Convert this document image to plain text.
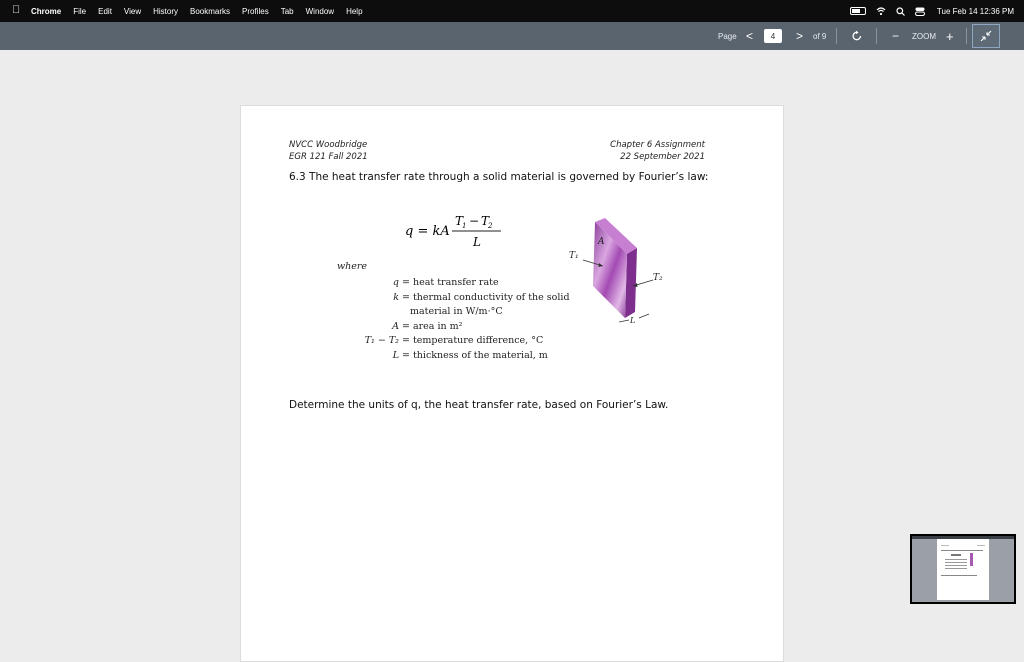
Chrome File Edit View History Bookmarks Profiles Tab Window Help	Tue Feb 14 12:36 PM
Page <	4	> of 9	− ZOOM +
NVCC Woodbridge
EGR 121 Fall 2021
Chapter 6 Assignment
22 September 2021
6.3 The heat transfer rate through a solid material is governed by Fourier’s law:
q = kA
T
1 − T
2
L
where
q = heat transfer rate
k = thermal conductivity of the solid
material in W/m·°C
A = area in m²
T₁ − T₂ = temperature difference, °C
L = thickness of the material, m
T₁
T₂
A
L
Determine the units of q, the heat transfer rate, based on Fourier’s Law.
